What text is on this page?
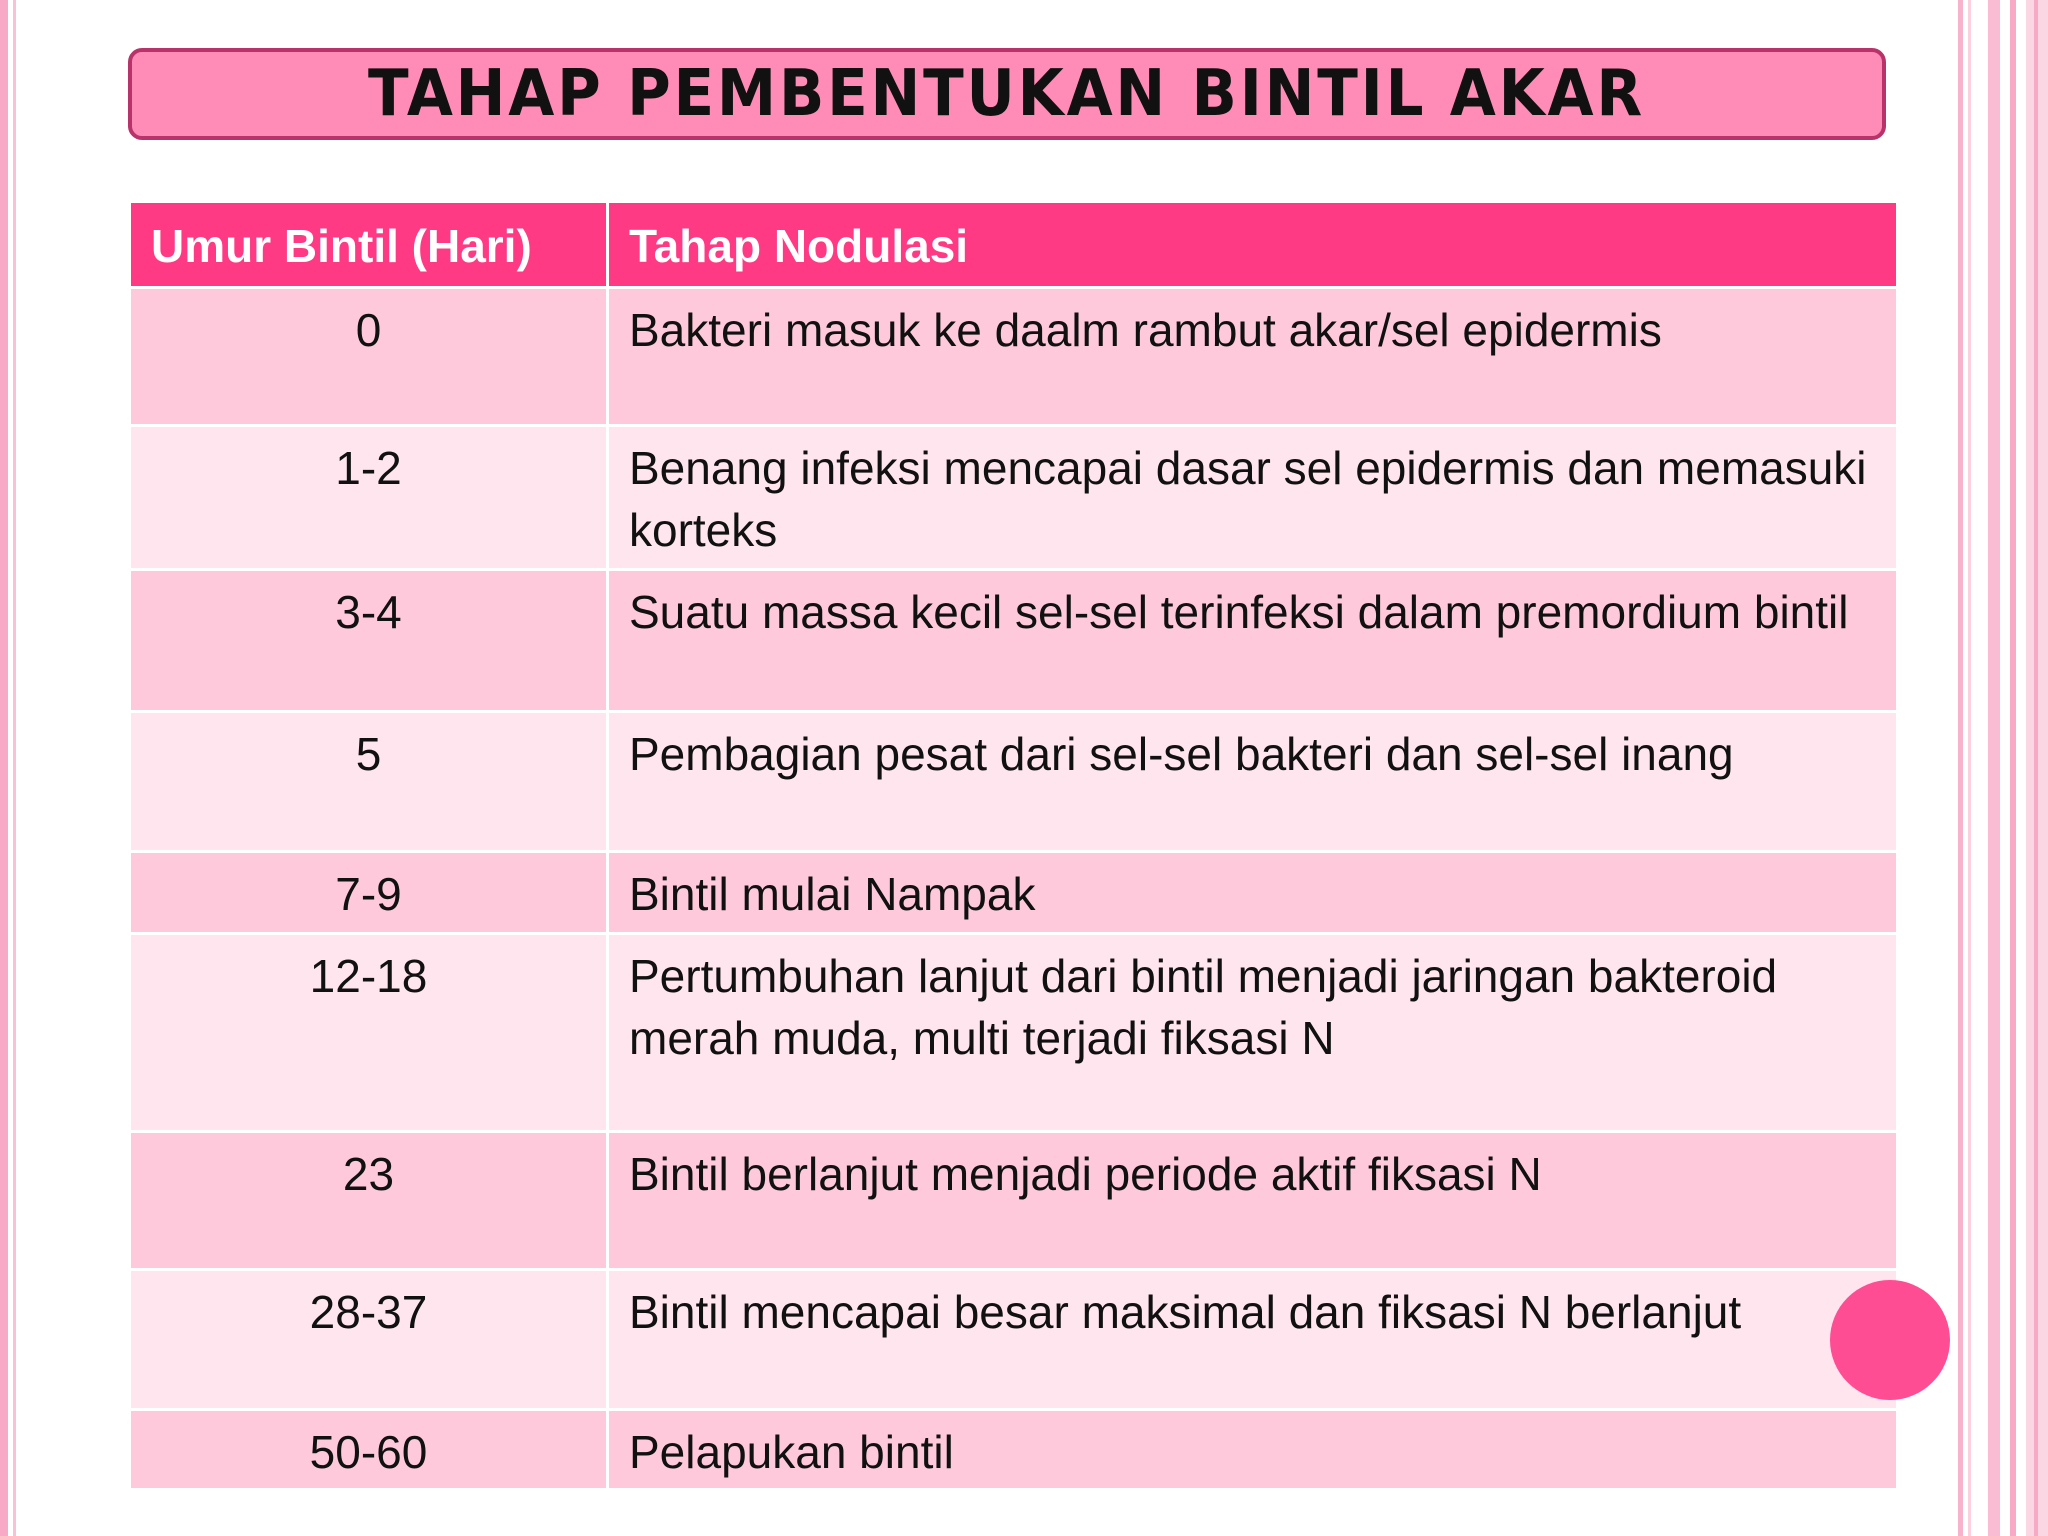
TAHAP PEMBENTUKAN BINTIL AKAR
Umur Bintil (Hari)	Tahap Nodulasi
0	Bakteri masuk ke daalm rambut akar/sel epidermis
1-2	Benang infeksi mencapai dasar sel epidermis dan memasuki korteks
3-4	Suatu massa kecil sel-sel terinfeksi dalam premordium bintil
5	Pembagian pesat dari sel-sel bakteri dan sel-sel inang
7-9	Bintil mulai Nampak
12-18	Pertumbuhan lanjut dari bintil menjadi jaringan bakteroid merah muda, multi terjadi fiksasi N
23	Bintil berlanjut menjadi periode aktif fiksasi N
28-37	Bintil mencapai besar maksimal dan fiksasi N berlanjut
50-60	Pelapukan bintil
